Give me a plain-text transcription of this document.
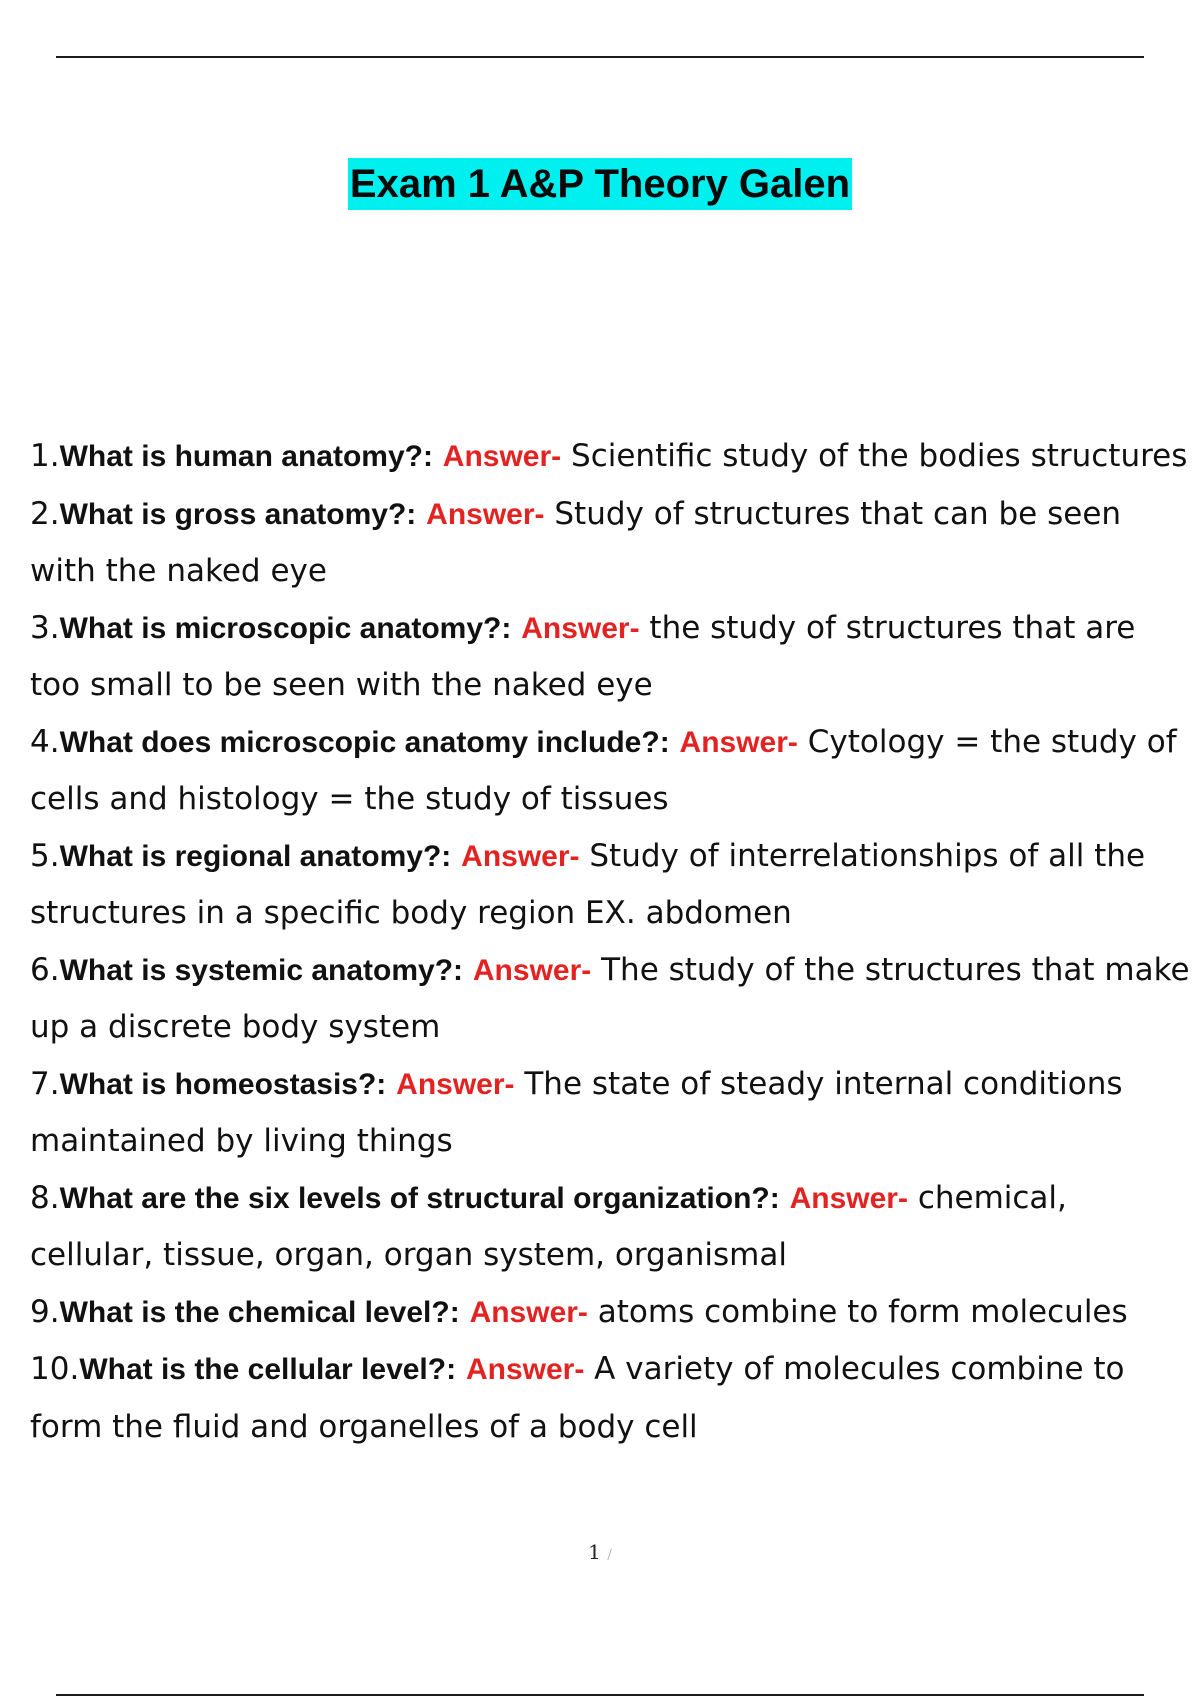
Exam 1 A&P Theory Galen
1.What is human anatomy?: Answer- Scientific study of the bodies structures
2.What is gross anatomy?: Answer- Study of structures that can be seen with the naked eye
3.What is microscopic anatomy?: Answer- the study of structures that are too small to be seen with the naked eye
4.What does microscopic anatomy include?: Answer- Cytology = the study of cells and histology = the study of tissues
5.What is regional anatomy?: Answer- Study of interrelationships of all the structures in a specific body region EX. abdomen
6.What is systemic anatomy?: Answer- The study of the structures that make up a discrete body system
7.What is homeostasis?: Answer- The state of steady internal conditions maintained by living things
8.What are the six levels of structural organization?: Answer- chemical, cellular, tissue, organ, organ system, organismal
9.What is the chemical level?: Answer- atoms combine to form molecules
10.What is the cellular level?: Answer- A variety of molecules combine to form the fluid and organelles of a body cell
1 /
